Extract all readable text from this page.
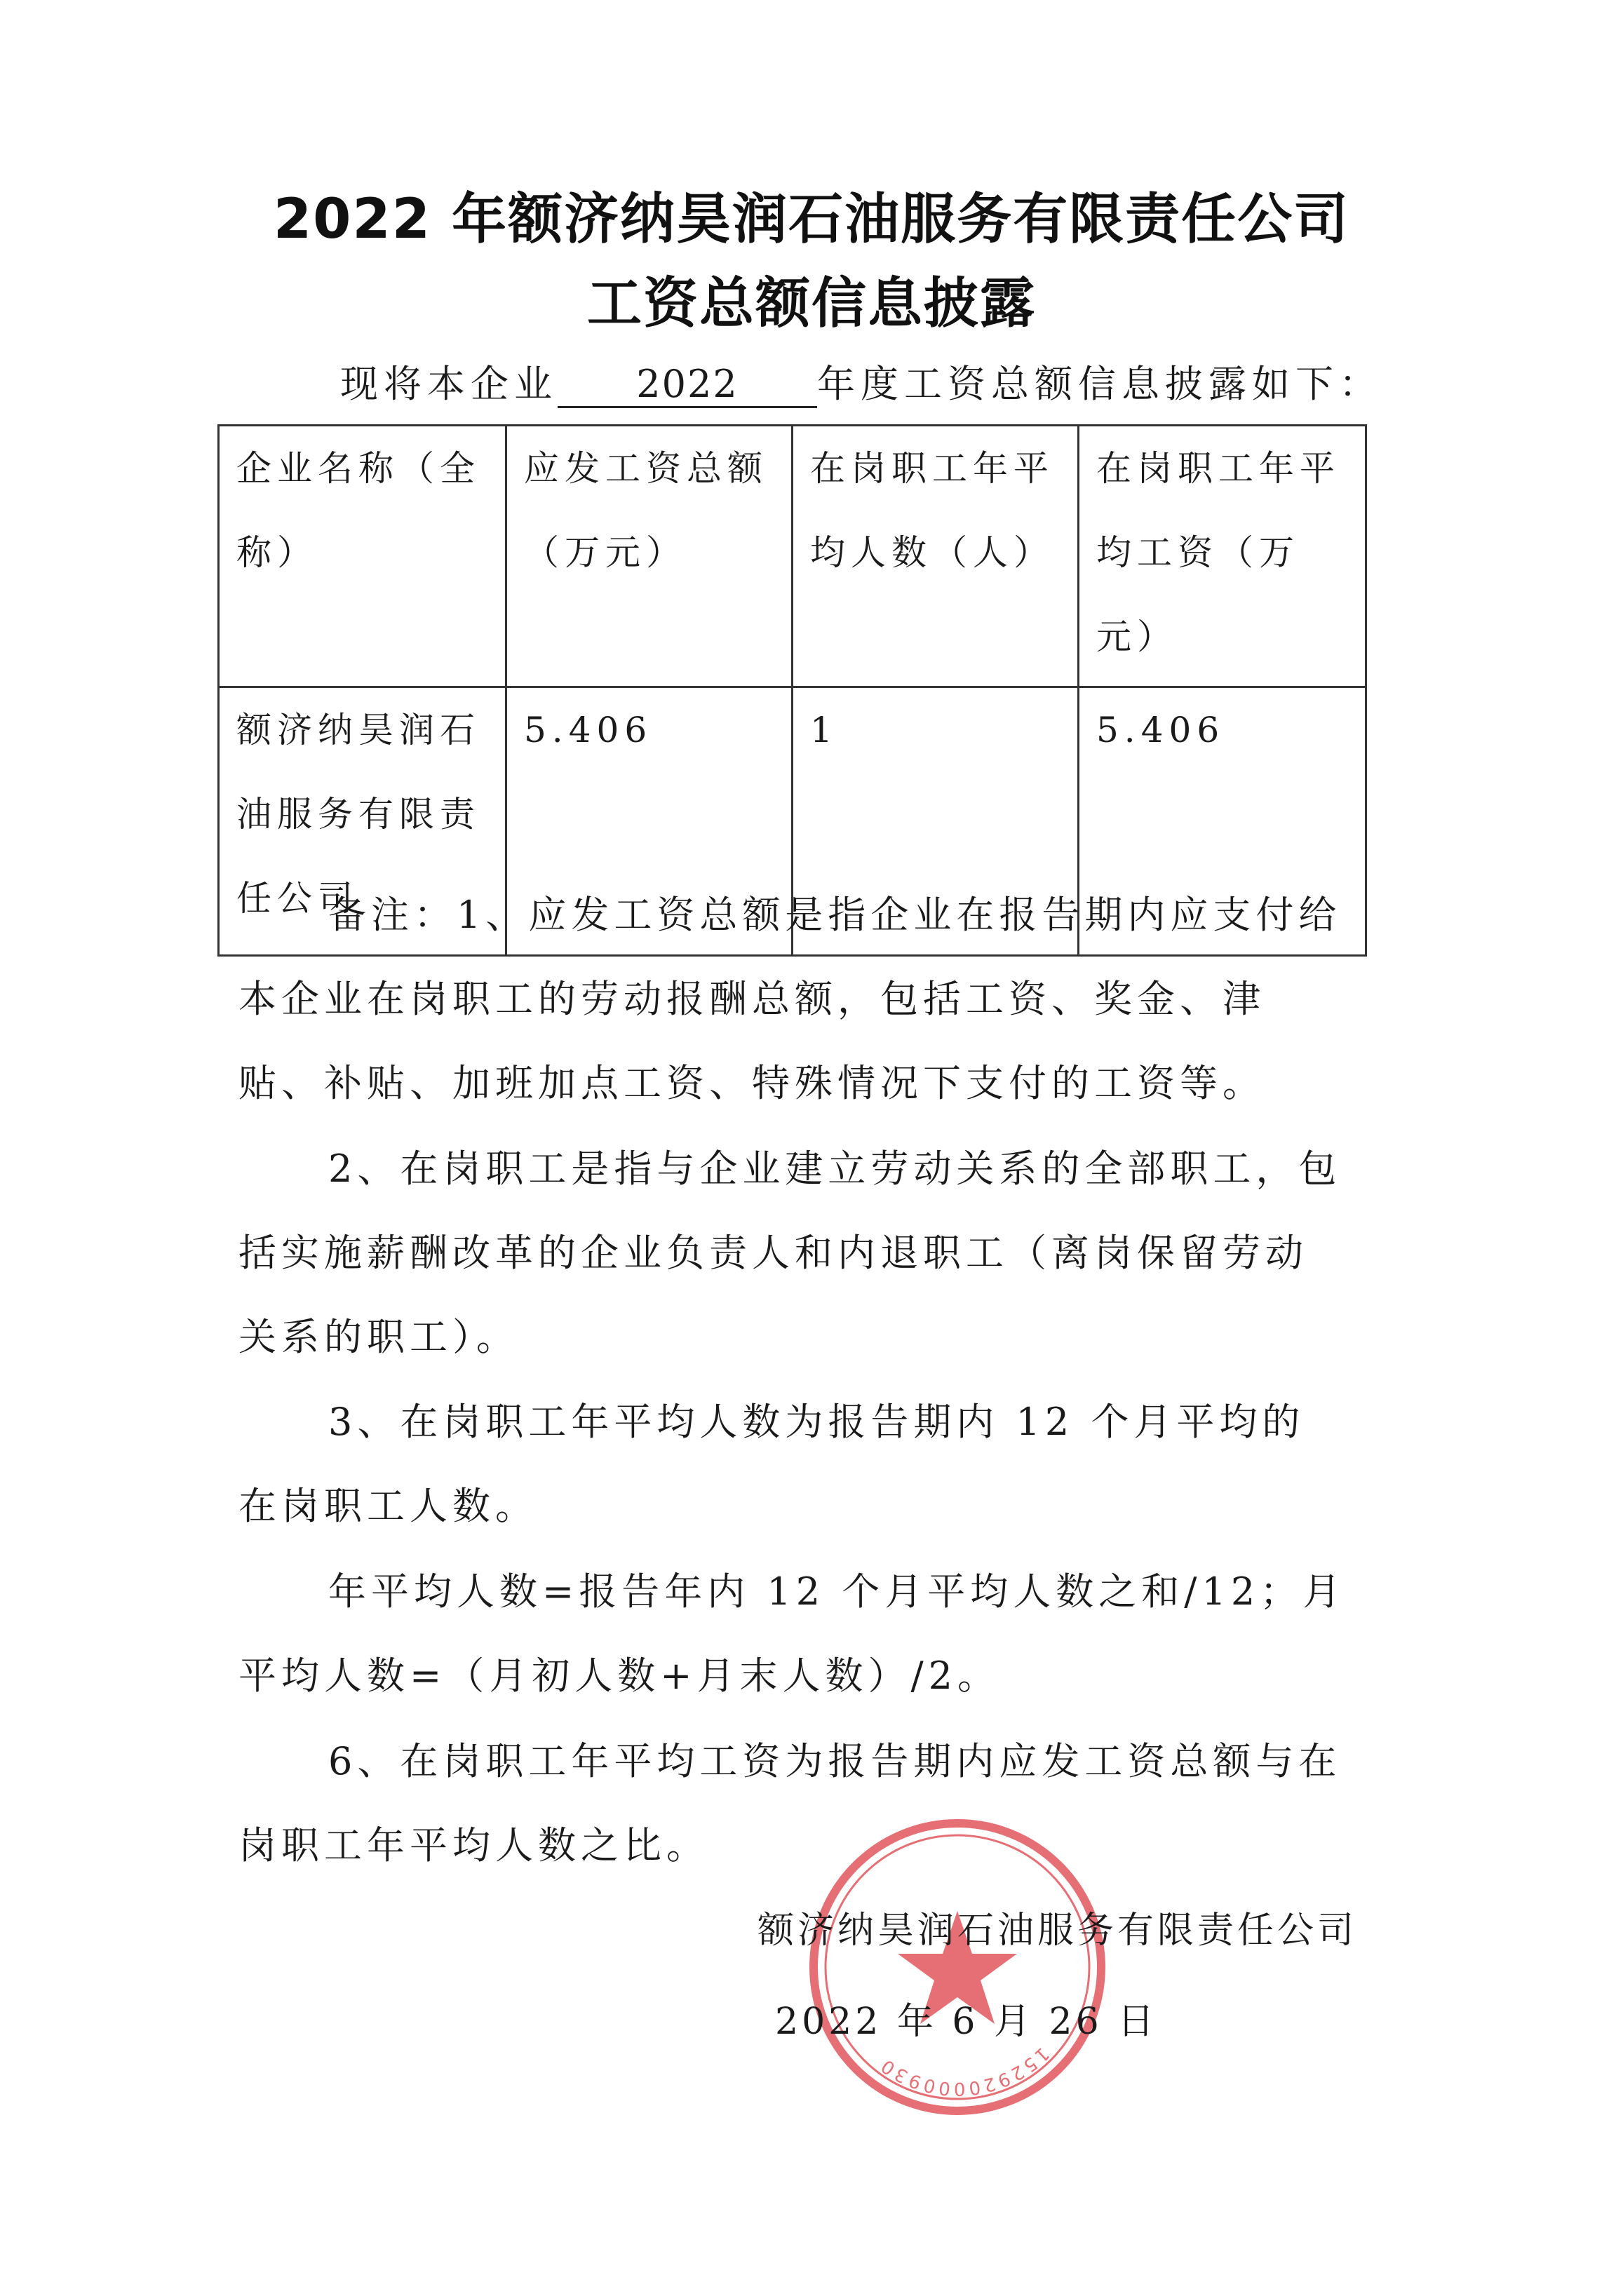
2022 年额济纳昊润石油服务有限责任公司
工资总额信息披露
现将本企业 2022 年度工资总额信息披露如下：
企业名称（全称）	应发工资总额（万元）	在岗职工年平均人数（人）	在岗职工年平均工资（万元）
额济纳昊润石油服务有限责任公司	5.406	1	5.406

备注：1、应发工资总额是指企业在报告期内应支付给本企业在岗职工的劳动报酬总额，包括工资、奖金、津贴、补贴、加班加点工资、特殊情况下支付的工资等。

2、在岗职工是指与企业建立劳动关系的全部职工，包括实施薪酬改革的企业负责人和内退职工（离岗保留劳动关系的职工）。

3、在岗职工年平均人数为报告期内 12 个月平均的在岗职工人数。

年平均人数=报告年内 12 个月平均人数之和/12；月平均人数=（月初人数+月末人数）/2。

6、在岗职工年平均工资为报告期内应发工资总额与在岗职工年平均人数之比。

152920000930
额济纳昊润石油服务有限责任公司
2022 年 6 月 26 日
